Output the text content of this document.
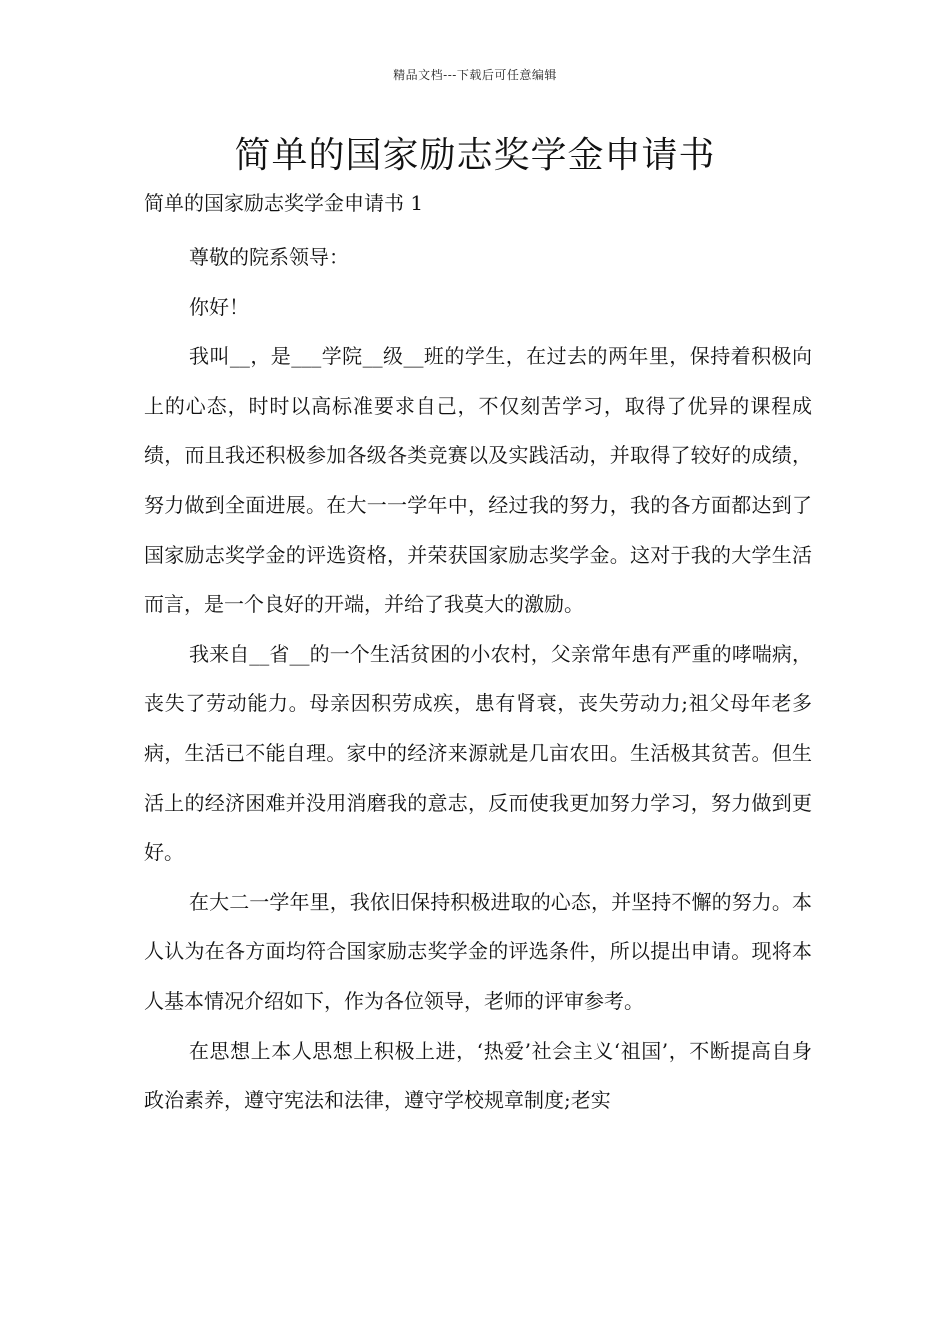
精品文档---下载后可任意编辑
简单的国家励志奖学金申请书
简单的国家励志奖学金申请书 1

尊敬的院系领导：

你好！

我叫__，是___学院__级__班的学生，在过去的两年里，保持着积极向上的心态，时时以高标准要求自己，不仅刻苦学习，取得了优异的课程成绩，而且我还积极参加各级各类竞赛以及实践活动，并取得了较好的成绩，努力做到全面进展。在大一一学年中，经过我的努力，我的各方面都达到了国家励志奖学金的评选资格，并荣获国家励志奖学金。这对于我的大学生活而言，是一个良好的开端，并给了我莫大的激励。

我来自__省__的一个生活贫困的小农村，父亲常年患有严重的哮喘病，丧失了劳动能力。母亲因积劳成疾，患有肾衰，丧失劳动力;祖父母年老多病，生活已不能自理。家中的经济来源就是几亩农田。生活极其贫苦。但生活上的经济困难并没用消磨我的意志，反而使我更加努力学习，努力做到更好。

在大二一学年里，我依旧保持积极进取的心态，并坚持不懈的努力。本人认为在各方面均符合国家励志奖学金的评选条件，所以提出申请。现将本人基本情况介绍如下，作为各位领导，老师的评审参考。

在思想上本人思想上积极上进，‘热爱’社会主义‘祖国’，不断提高自身政治素养，遵守宪法和法律，遵守学校规章制度;老实
